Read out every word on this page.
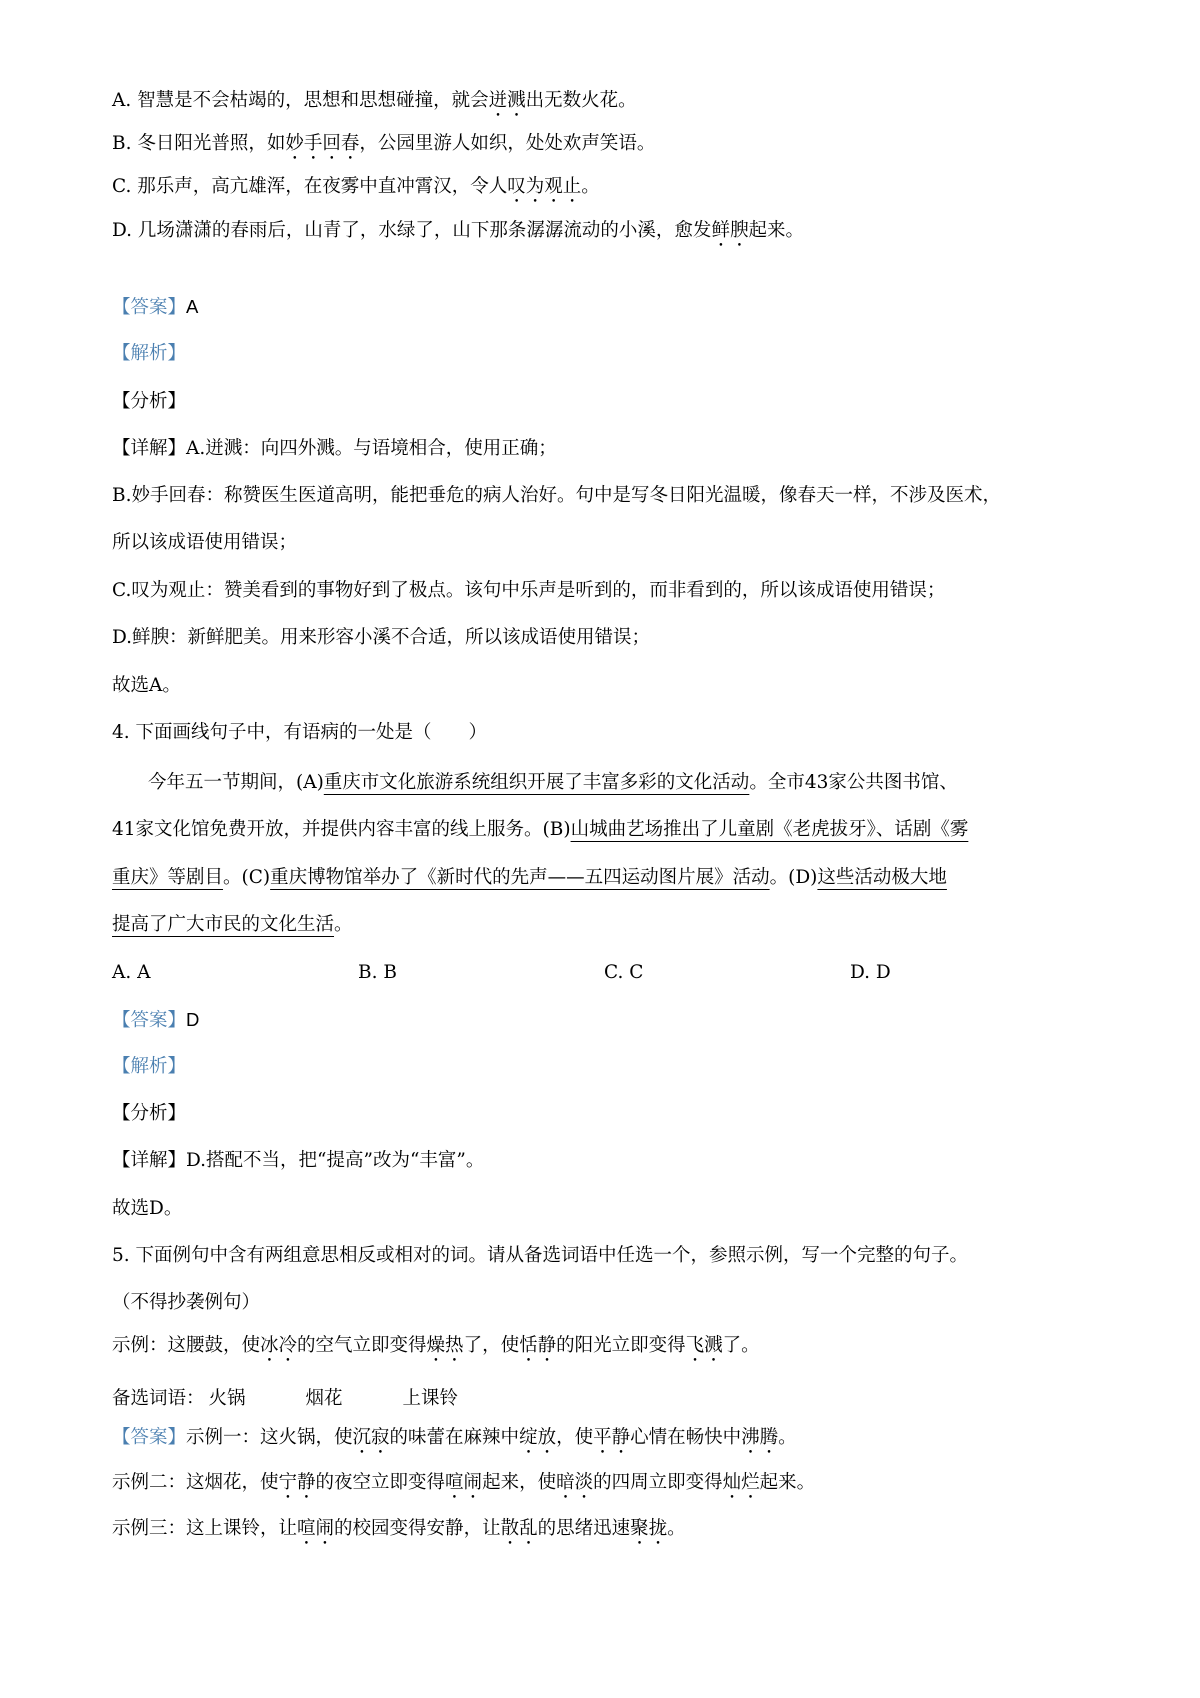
A. 智慧是不会枯竭的，思想和思想碰撞，就会迸溅出无数火花。
B. 冬日阳光普照，如妙手回春，公园里游人如织，处处欢声笑语。
C. 那乐声，高亢雄浑，在夜雾中直冲霄汉，令人叹为观止。
D. 几场潇潇的春雨后，山青了，水绿了，山下那条潺潺流动的小溪，愈发鲜腴起来。
【答案】A
【解析】
【分析】
【详解】A.迸溅：向四外溅。与语境相合，使用正确；
B.妙手回春：称赞医生医道高明，能把垂危的病人治好。句中是写冬日阳光温暖，像春天一样，不涉及医术，
所以该成语使用错误；
C.叹为观止：赞美看到的事物好到了极点。该句中乐声是听到的，而非看到的，所以该成语使用错误；
D.鲜腴：新鲜肥美。用来形容小溪不合适，所以该成语使用错误；
故选A。
4. 下面画线句子中，有语病的一处是（　　）
今年五一节期间，(A)重庆市文化旅游系统组织开展了丰富多彩的文化活动。全市43家公共图书馆、
41家文化馆免费开放，并提供内容丰富的线上服务。(B)山城曲艺场推出了儿童剧《老虎拔牙》、话剧《雾
重庆》等剧目。(C)重庆博物馆举办了《新时代的先声——五四运动图片展》活动。(D)这些活动极大地
提高了广大市民的文化生活。
A. A	B. B	C. C	D. D
【答案】D
【解析】
【分析】
【详解】D.搭配不当，把“提高”改为“丰富”。
故选D。
5. 下面例句中含有两组意思相反或相对的词。请从备选词语中任选一个，参照示例，写一个完整的句子。
（不得抄袭例句）
示例：这腰鼓，使冰冷的空气立即变得燥热了，使恬静的阳光立即变得飞溅了。
备选词语： 火锅	烟花	上课铃
【答案】示例一：这火锅，使沉寂的味蕾在麻辣中绽放，使平静心情在畅快中沸腾。
示例二：这烟花，使宁静的夜空立即变得喧闹起来，使暗淡的四周立即变得灿烂起来。
示例三：这上课铃，让喧闹的校园变得安静，让散乱的思绪迅速聚拢。
